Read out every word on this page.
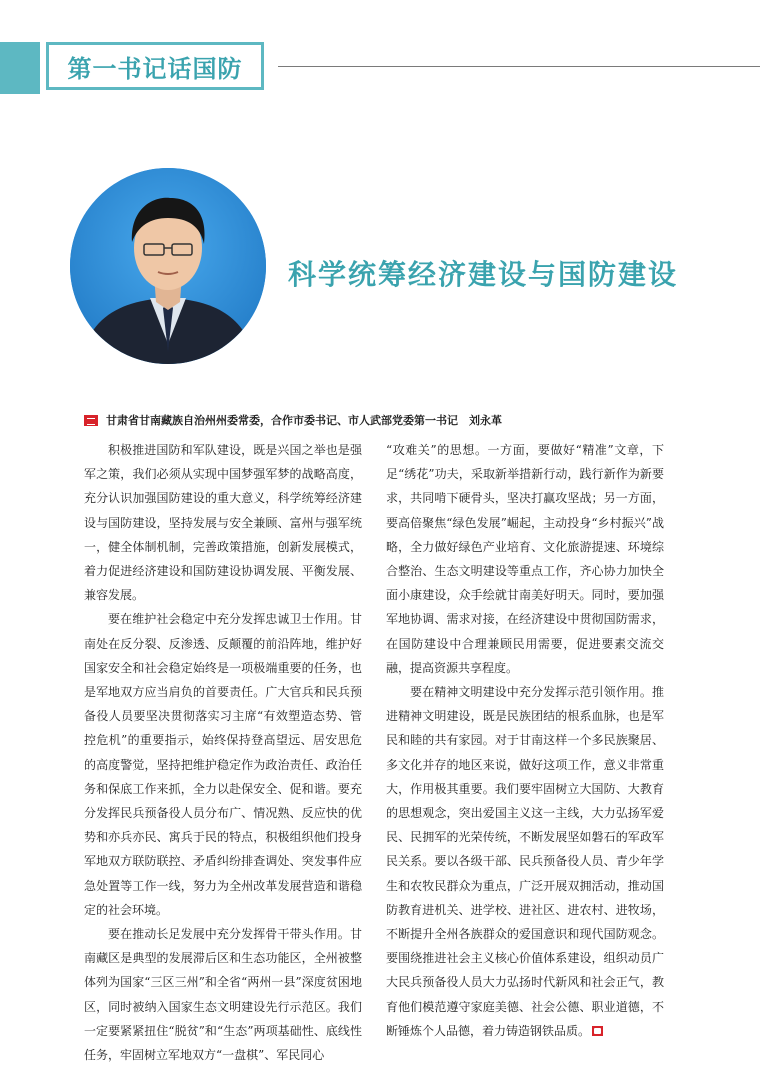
第一书记话国防
科学统筹经济建设与国防建设
甘肃省甘南藏族自治州州委常委，合作市委书记、市人武部党委第一书记　刘永革

积极推进国防和军队建设，既是兴国之举也是强军之策，我们必须从实现中国梦强军梦的战略高度，充分认识加强国防建设的重大意义，科学统筹经济建设与国防建设，坚持发展与安全兼顾、富州与强军统一，健全体制机制，完善政策措施，创新发展模式，着力促进经济建设和国防建设协调发展、平衡发展、兼容发展。

要在维护社会稳定中充分发挥忠诚卫士作用。甘南处在反分裂、反渗透、反颠覆的前沿阵地，维护好国家安全和社会稳定始终是一项极端重要的任务，也是军地双方应当肩负的首要责任。广大官兵和民兵预备役人员要坚决贯彻落实习主席“有效塑造态势、管控危机”的重要指示，始终保持登高望远、居安思危的高度警觉，坚持把维护稳定作为政治责任、政治任务和保底工作来抓，全力以赴保安全、促和谐。要充分发挥民兵预备役人员分布广、情况熟、反应快的优势和亦兵亦民、寓兵于民的特点，积极组织他们投身军地双方联防联控、矛盾纠纷排查调处、突发事件应急处置等工作一线，努力为全州改革发展营造和谐稳定的社会环境。

要在推动长足发展中充分发挥骨干带头作用。甘南藏区是典型的发展滞后区和生态功能区，全州被整体列为国家“三区三州”和全省“两州一县”深度贫困地区，同时被纳入国家生态文明建设先行示范区。我们一定要紧紧扭住“脱贫”和“生态”两项基础性、底线性任务，牢固树立军地双方“一盘棋”、军民同心

“攻难关”的思想。一方面，要做好“精准”文章，下足“绣花”功夫，采取新举措新行动，践行新作为新要求，共同啃下硬骨头，坚决打赢攻坚战；另一方面，要高倍聚焦“绿色发展”崛起，主动投身“乡村振兴”战略，全力做好绿色产业培育、文化旅游提速、环境综合整治、生态文明建设等重点工作，齐心协力加快全面小康建设，众手绘就甘南美好明天。同时，要加强军地协调、需求对接，在经济建设中贯彻国防需求，在国防建设中合理兼顾民用需要，促进要素交流交融，提高资源共享程度。

要在精神文明建设中充分发挥示范引领作用。推进精神文明建设，既是民族团结的根系血脉，也是军民和睦的共有家园。对于甘南这样一个多民族聚居、多文化并存的地区来说，做好这项工作，意义非常重大，作用极其重要。我们要牢固树立大国防、大教育的思想观念，突出爱国主义这一主线，大力弘扬军爱民、民拥军的光荣传统，不断发展坚如磐石的军政军民关系。要以各级干部、民兵预备役人员、青少年学生和农牧民群众为重点，广泛开展双拥活动，推动国防教育进机关、进学校、进社区、进农村、进牧场，不断提升全州各族群众的爱国意识和现代国防观念。要围绕推进社会主义核心价值体系建设，组织动员广大民兵预备役人员大力弘扬时代新风和社会正气，教育他们模范遵守家庭美德、社会公德、职业道德，不断锤炼个人品德，着力铸造钢铁品质。
